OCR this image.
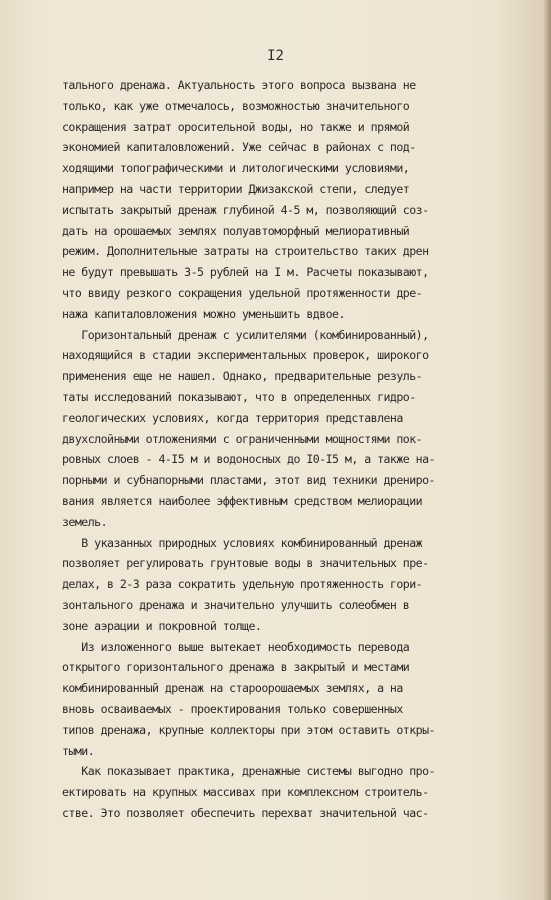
I2
тального дренажа. Актуальность этого вопроса вызвана не
только, как уже отмечалось, возможностью значительного
сокращения затрат оросительной воды, но также и прямой
экономией капиталовложений. Уже сейчас в районах с под-
ходящими топографическими и литологическими условиями,
например на части территории Джизакской степи, следует
испытать закрытый дренаж глубиной 4-5 м, позволяющий соз-
дать на орошаемых землях полуавтоморфный мелиоративный
режим. Дополнительные затраты на строительство таких дрен
не будут превышать 3-5 рублей на I м. Расчеты показывают,
что ввиду резкого сокращения удельной протяженности дре-
нажа капиталовложения можно уменьшить вдвое.
Горизонтальный дренаж с усилителями (комбинированный),
находящийся в стадии экспериментальных проверок, широкого
применения еще не нашел. Однако, предварительные резуль-
таты исследований показывают, что в определенных гидро-
геологических условиях, когда территория представлена
двухслойными отложениями с ограниченными мощностями пок-
ровных слоев - 4-I5 м и водоносных до I0-I5 м, а также на-
порными и субнапорными пластами, этот вид техники дрениро-
вания является наиболее эффективным средством мелиорации
земель.
В указанных природных условиях комбинированный дренаж
позволяет регулировать грунтовые воды в значительных пре-
делах, в 2-3 раза сократить удельную протяженность гори-
зонтального дренажа и значительно улучшить солеобмен в
зоне аэрации и покровной толще.
Из изложенного выше вытекает необходимость перевода
открытого горизонтального дренажа в закрытый и местами
комбинированный дренаж на староорошаемых землях, а на
вновь осваиваемых - проектирования только совершенных
типов дренажа, крупные коллекторы при этом оставить откры-
тыми.
Как показывает практика, дренажные системы выгодно про-
ектировать на крупных массивах при комплексном строитель-
стве. Это позволяет обеспечить перехват значительной час-
